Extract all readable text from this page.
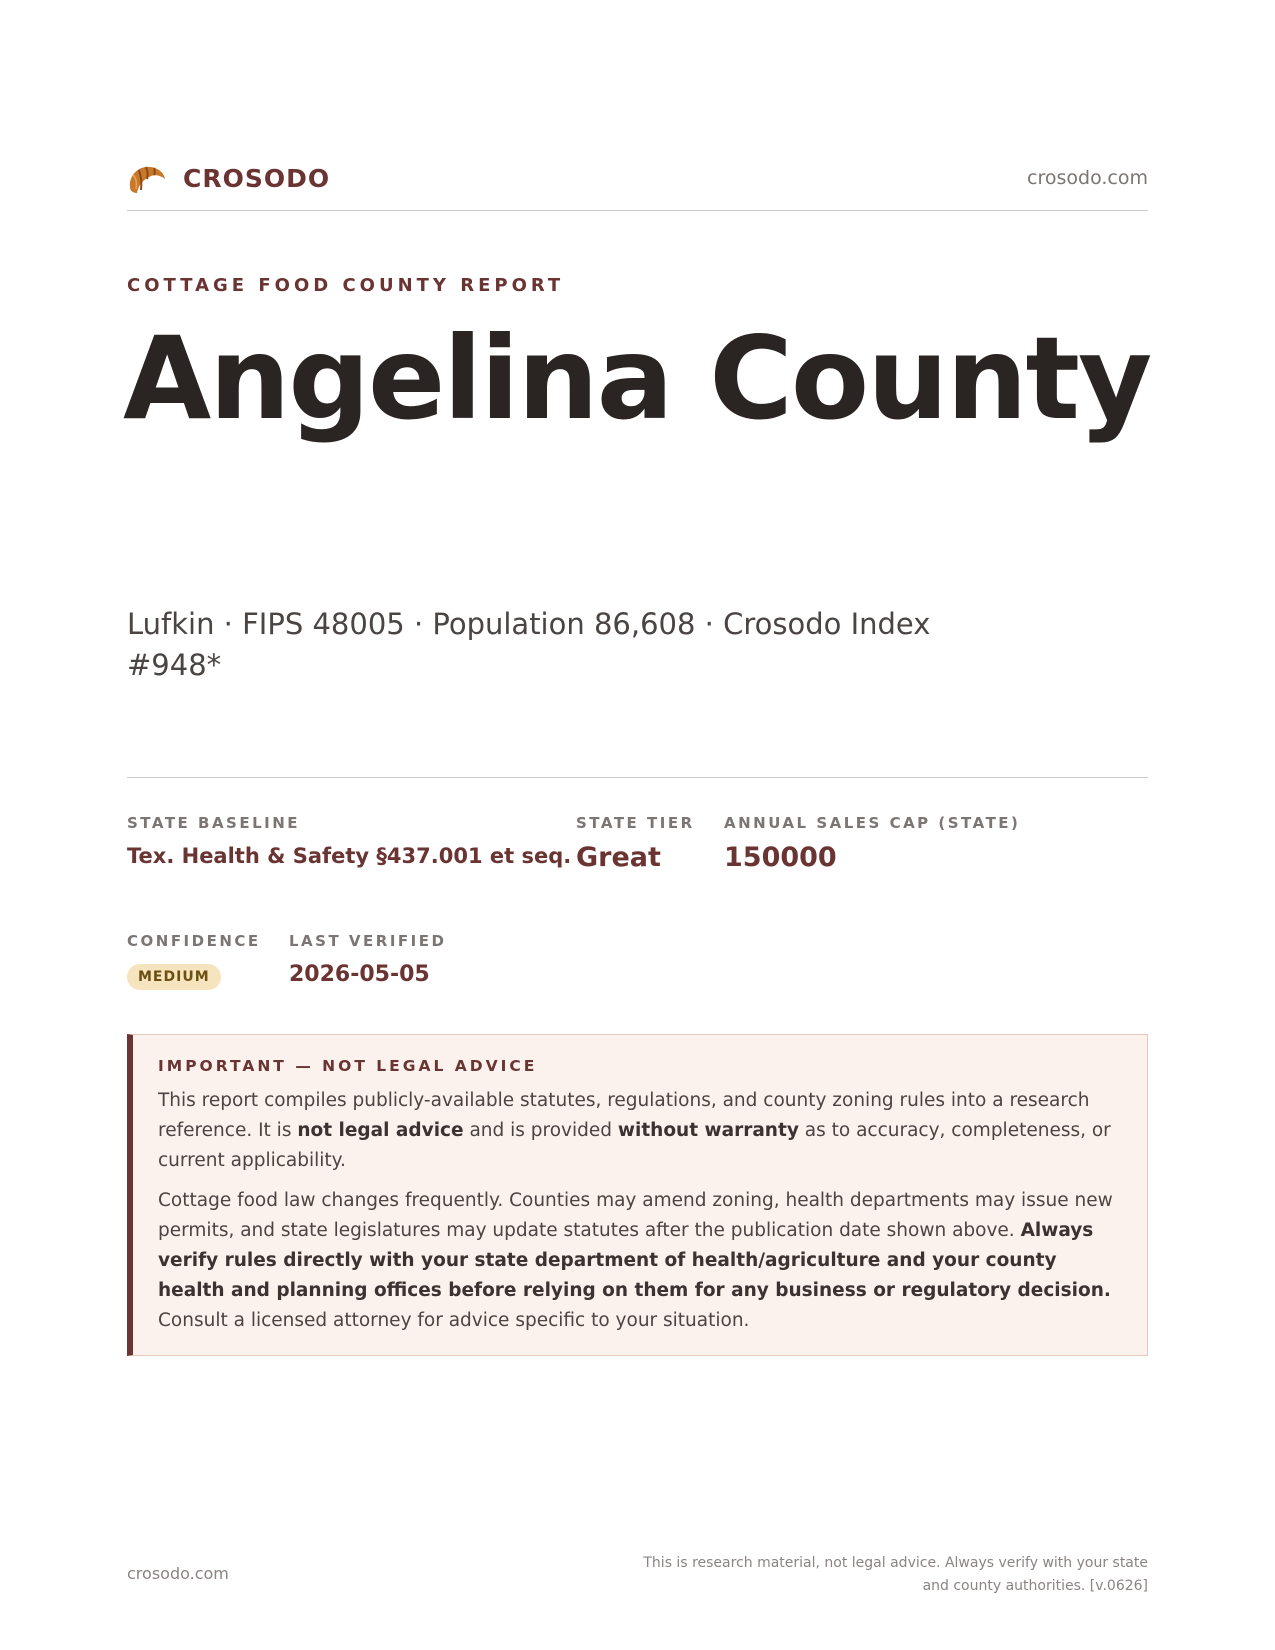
CROSODO	crosodo.com
COTTAGE FOOD COUNTY REPORT
Angelina County
Lufkin · FIPS 48005 · Population 86,608 · Crosodo Index #948*
STATE BASELINE
Tex. Health & Safety §437.001 et seq.
STATE TIER
Great
ANNUAL SALES CAP (STATE)
150000
CONFIDENCE
MEDIUM
LAST VERIFIED
2026-05-05
IMPORTANT — NOT LEGAL ADVICE

This report compiles publicly-available statutes, regulations, and county zoning rules into a research reference. It is not legal advice and is provided without warranty as to accuracy, completeness, or current applicability.

Cottage food law changes frequently. Counties may amend zoning, health departments may issue new permits, and state legislatures may update statutes after the publication date shown above. Always verify rules directly with your state department of health/agriculture and your county health and planning offices before relying on them for any business or regulatory decision. Consult a licensed attorney for advice specific to your situation.

crosodo.com
This is research material, not legal advice. Always verify with your state and county authorities. [v.0626]
